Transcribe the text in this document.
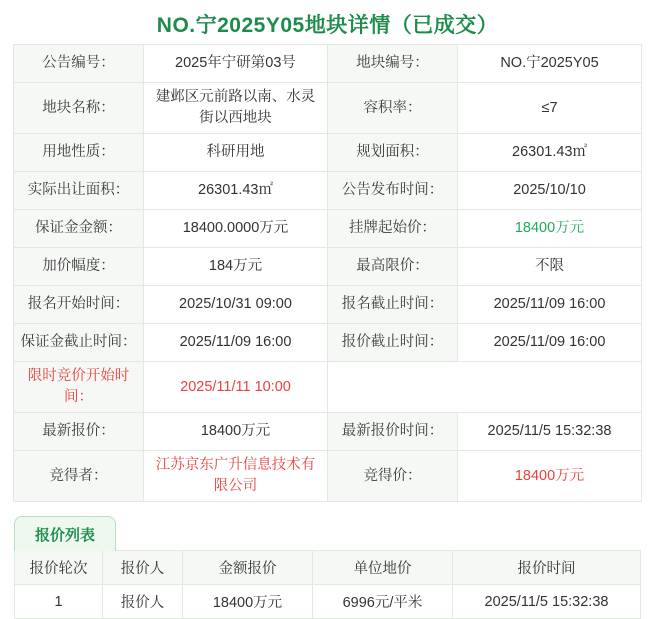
NO.宁2025Y05地块详情（已成交）
公告编号：	2025年宁研第03号	地块编号：	NO.宁2025Y05
地块名称：	建邺区元前路以南、水灵街以西地块	容积率：	≤7
用地性质：	科研用地	规划面积：	26301.43㎡
实际出让面积：	26301.43㎡	公告发布时间：	2025/10/10
保证金金额：	18400.0000万元	挂牌起始价：	18400万元
加价幅度：	184万元	最高限价：	不限
报名开始时间：	2025/10/31 09:00	报名截止时间：	2025/11/09 16:00
保证金截止时间：	2025/11/09 16:00	报价截止时间：	2025/11/09 16:00
限时竞价开始时间：	2025/11/11 10:00		
最新报价：	18400万元	最新报价时间：	2025/11/5 15:32:38
竞得者：	江苏京东广升信息技术有限公司	竞得价：	18400万元
报价列表
报价轮次	报价人	金额报价	单位地价	报价时间
1	报价人	18400万元	6996元/平米	2025/11/5 15:32:38
